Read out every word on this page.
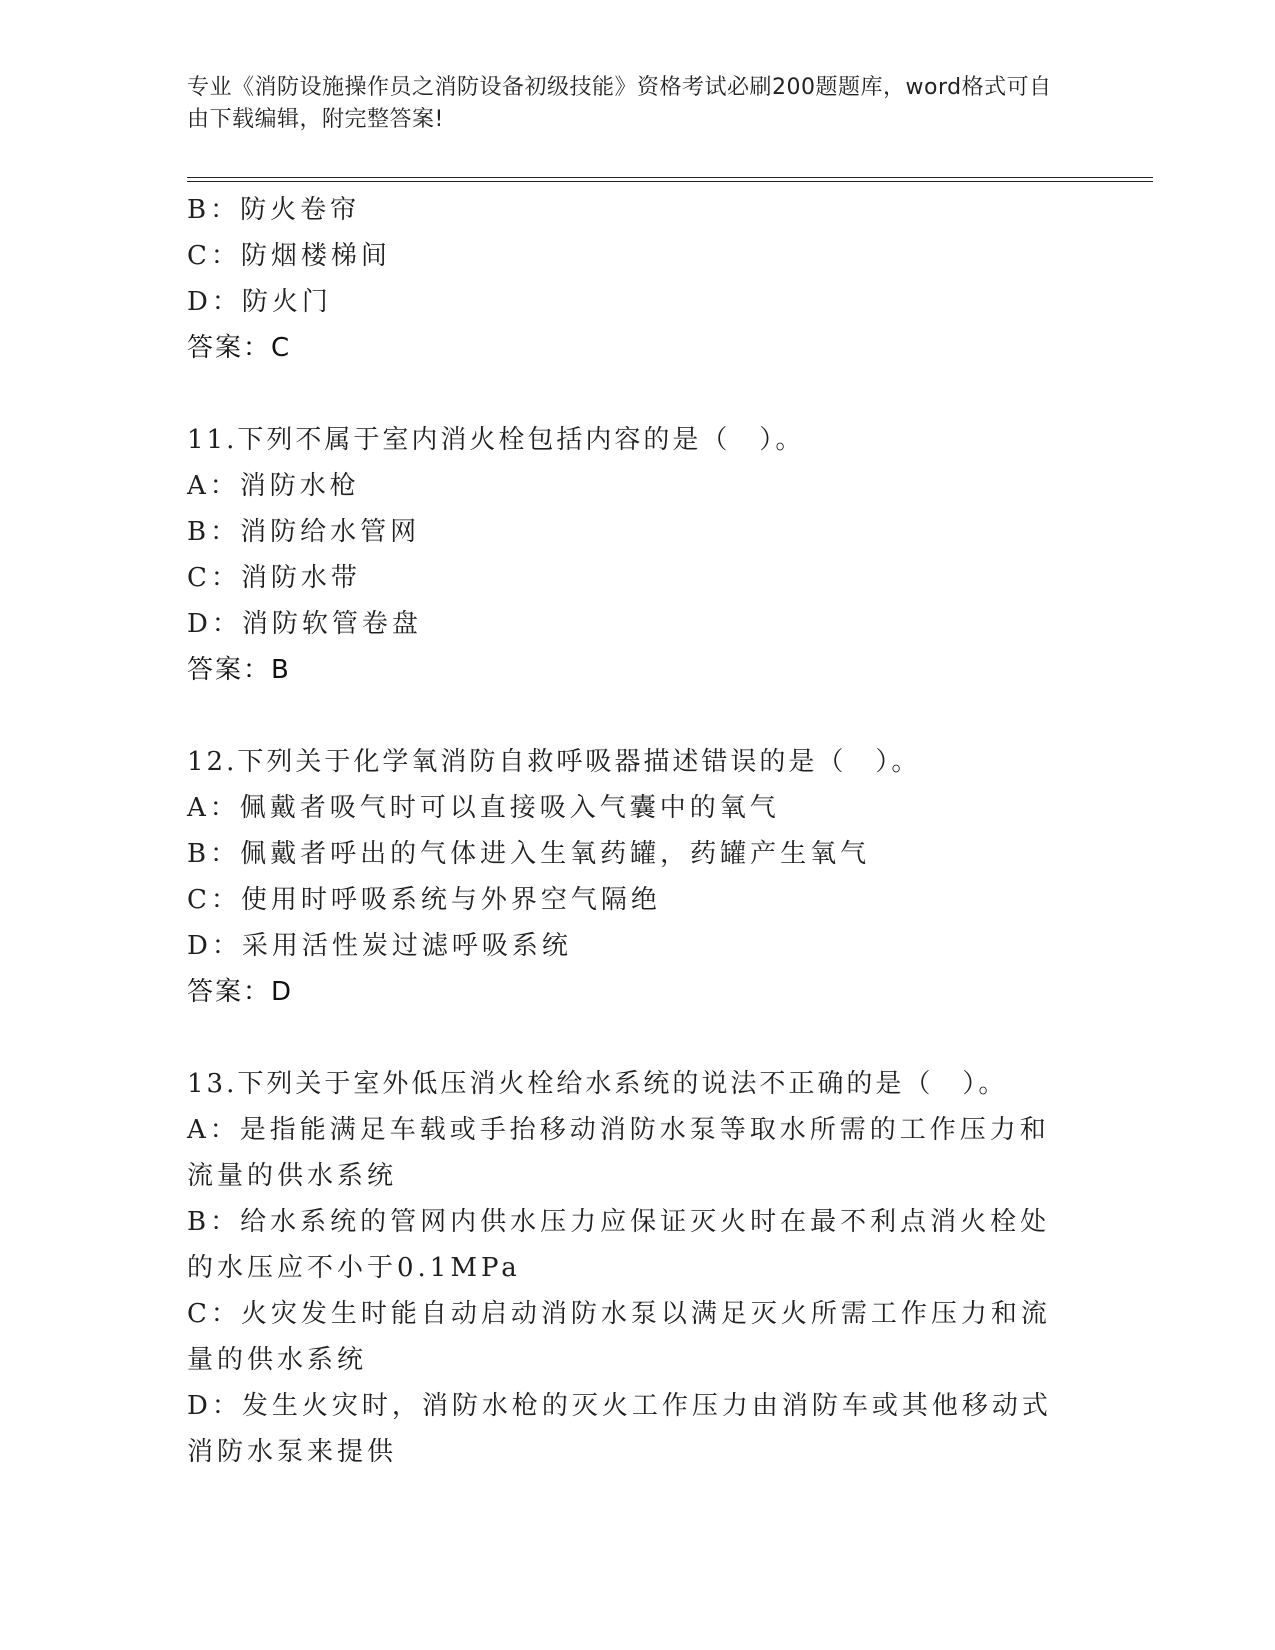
专业《消防设施操作员之消防设备初级技能》资格考试必刷200题题库，word格式可自由下载编辑，附完整答案!

B：防火卷帘

C：防烟楼梯间

D：防火门

答案：C

11.下列不属于室内消火栓包括内容的是（　）。

A：消防水枪

B：消防给水管网

C：消防水带

D：消防软管卷盘

答案：B

12.下列关于化学氧消防自救呼吸器描述错误的是（　）。

A：佩戴者吸气时可以直接吸入气囊中的氧气

B：佩戴者呼出的气体进入生氧药罐，药罐产生氧气

C：使用时呼吸系统与外界空气隔绝

D：采用活性炭过滤呼吸系统

答案：D

13.下列关于室外低压消火栓给水系统的说法不正确的是（　）。

A：是指能满足车载或手抬移动消防水泵等取水所需的工作压力和流量的供水系统

B：给水系统的管网内供水压力应保证灭火时在最不利点消火栓处的水压应不小于0.1MPa

C：火灾发生时能自动启动消防水泵以满足灭火所需工作压力和流量的供水系统

D：发生火灾时，消防水枪的灭火工作压力由消防车或其他移动式消防水泵来提供
